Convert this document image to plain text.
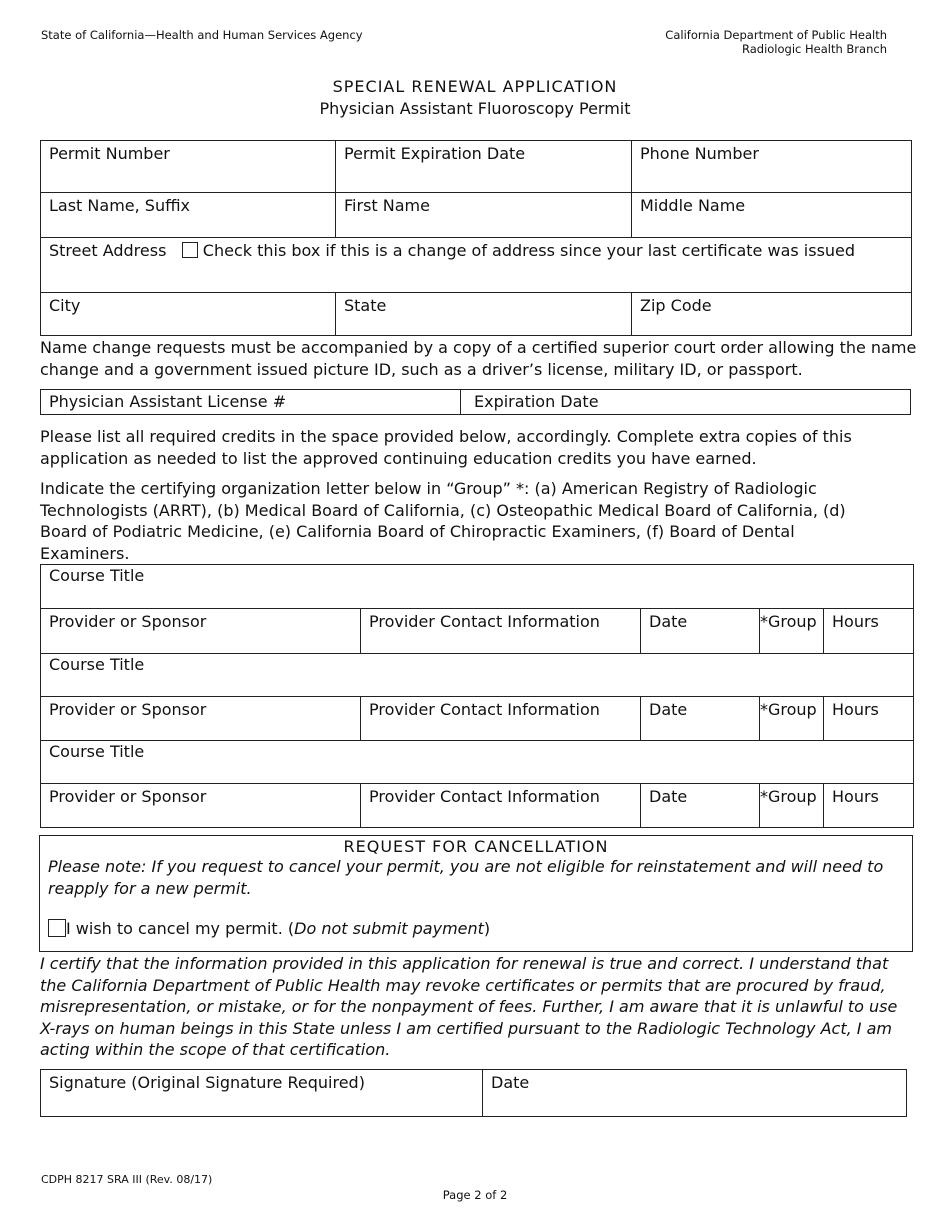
State of California—Health and Human Services Agency	California Department of Public Health
Radiologic Health Branch
SPECIAL RENEWAL APPLICATION
Physician Assistant Fluoroscopy Permit
Permit Number	Permit Expiration Date	Phone Number
Last Name, Suffix	First Name	Middle Name
Street Address Check this box if this is a change of address since your last certificate was issued
City	State	Zip Code
Name change requests must be accompanied by a copy of a certified superior court order allowing the name change and a government issued picture ID, such as a driver’s license, military ID, or passport.
Physician Assistant License #	Expiration Date
Please list all required credits in the space provided below, accordingly. Complete extra copies of this application as needed to list the approved continuing education credits you have earned.
Indicate the certifying organization letter below in “Group” *: (a) American Registry of Radiologic Technologists (ARRT), (b) Medical Board of California, (c) Osteopathic Medical Board of California, (d) Board of Podiatric Medicine, (e) California Board of Chiropractic Examiners, (f) Board of Dental Examiners.
Course Title
Provider or Sponsor	Provider Contact Information	Date	*Group Hours
Course Title
Provider or Sponsor	Provider Contact Information	Date	*Group Hours
Course Title
Provider or Sponsor	Provider Contact Information	Date	*Group Hours
REQUEST FOR CANCELLATION
Please note: If you request to cancel your permit, you are not eligible for reinstatement and will need to reapply for a new permit.
I wish to cancel my permit. (Do not submit payment)
I certify that the information provided in this application for renewal is true and correct. I understand that the California Department of Public Health may revoke certificates or permits that are procured by fraud, misrepresentation, or mistake, or for the nonpayment of fees. Further, I am aware that it is unlawful to use X-rays on human beings in this State unless I am certified pursuant to the Radiologic Technology Act, I am acting within the scope of that certification.
Signature (Original Signature Required)	Date
CDPH 8217 SRA III (Rev. 08/17)
Page 2 of 2
